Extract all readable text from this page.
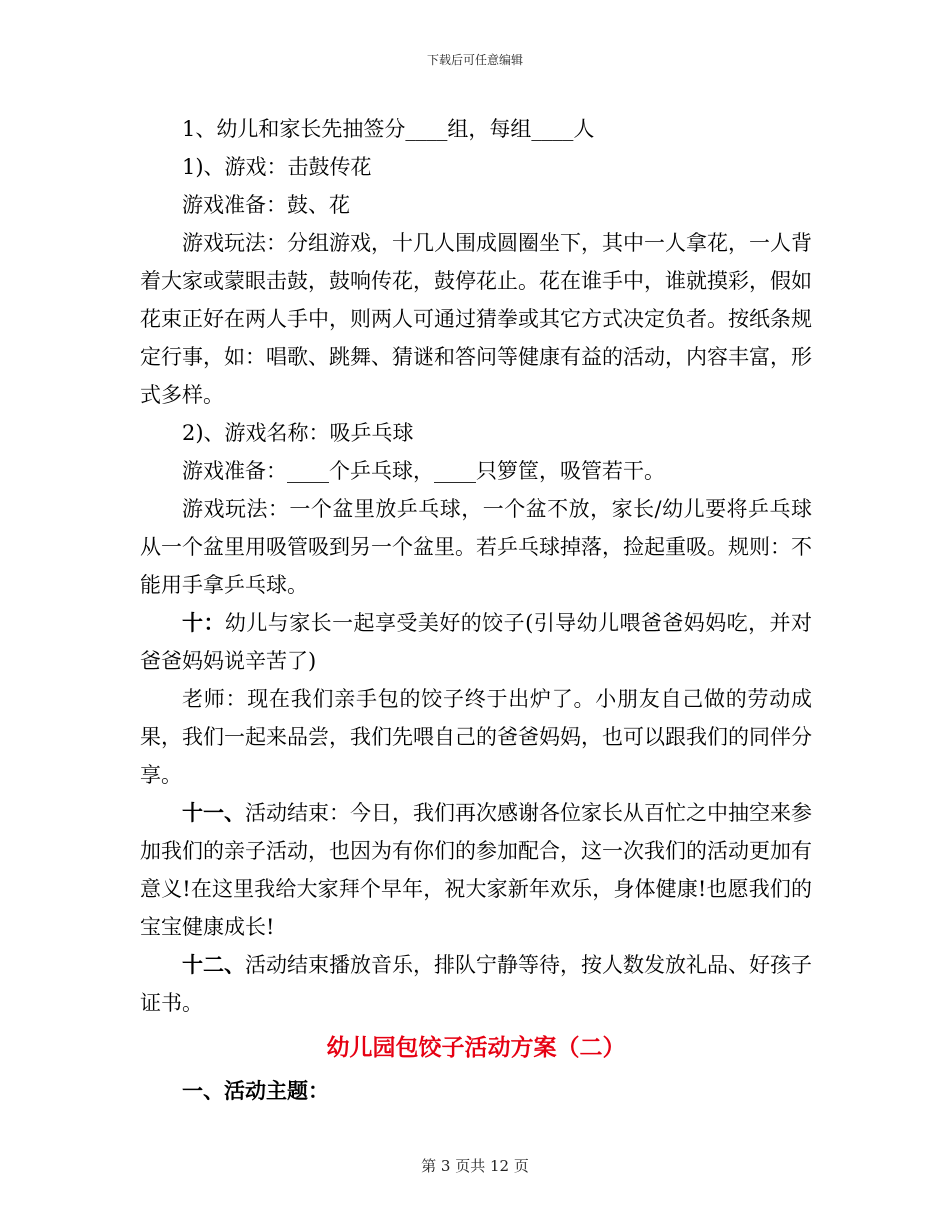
下载后可任意编辑

1、幼儿和家长先抽签分____组，每组____人

1)、游戏：击鼓传花

游戏准备：鼓、花

游戏玩法：分组游戏，十几人围成圆圈坐下，其中一人拿花，一人背着大家或蒙眼击鼓，鼓响传花，鼓停花止。花在谁手中，谁就摸彩，假如花束正好在两人手中，则两人可通过猜拳或其它方式决定负者。按纸条规定行事，如：唱歌、跳舞、猜谜和答问等健康有益的活动，内容丰富，形式多样。

2)、游戏名称：吸乒乓球

游戏准备：____个乒乓球，____只箩筐，吸管若干。

游戏玩法：一个盆里放乒乓球，一个盆不放，家长/幼儿要将乒乓球从一个盆里用吸管吸到另一个盆里。若乒乓球掉落，捡起重吸。规则：不能用手拿乒乓球。

十：幼儿与家长一起享受美好的饺子(引导幼儿喂爸爸妈妈吃，并对爸爸妈妈说辛苦了)

老师：现在我们亲手包的饺子终于出炉了。小朋友自己做的劳动成果，我们一起来品尝，我们先喂自己的爸爸妈妈，也可以跟我们的同伴分享。

十一、活动结束：今日，我们再次感谢各位家长从百忙之中抽空来参加我们的亲子活动，也因为有你们的参加配合，这一次我们的活动更加有意义!在这里我给大家拜个早年，祝大家新年欢乐，身体健康!也愿我们的宝宝健康成长!

十二、活动结束播放音乐，排队宁静等待，按人数发放礼品、好孩子证书。

幼儿园包饺子活动方案（二）

一、活动主题：

第 3 页共 12 页
